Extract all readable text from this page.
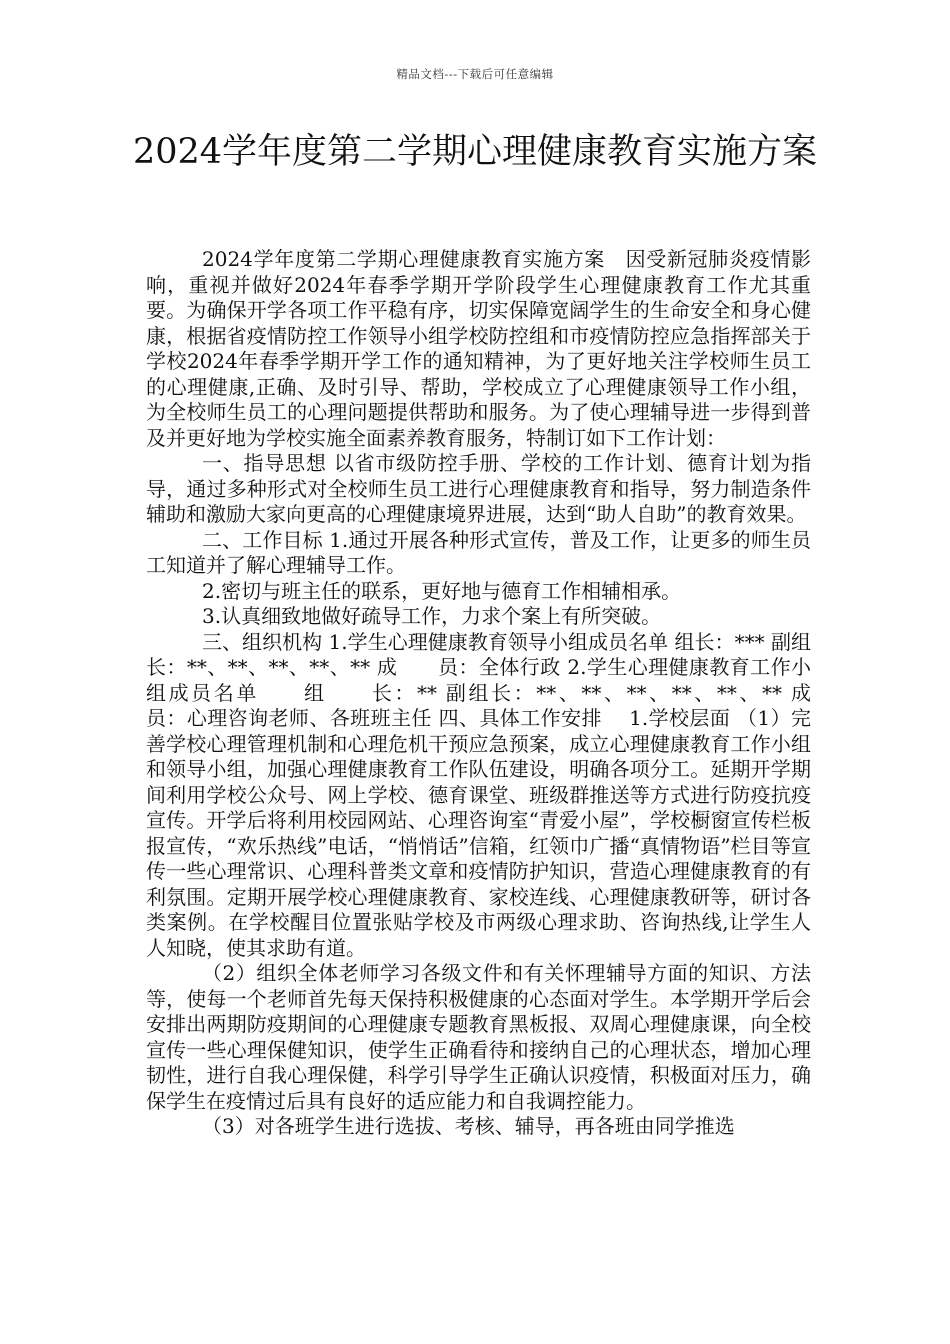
精品文档---下载后可任意编辑
2024学年度第二学期心理健康教育实施方案

2024学年度第二学期心理健康教育实施方案　因受新冠肺炎疫情影响，重视并做好2024年春季学期开学阶段学生心理健康教育工作尤其重要。为确保开学各项工作平稳有序，切实保障宽阔学生的生命安全和身心健康，根据省疫情防控工作领导小组学校防控组和市疫情防控应急指挥部关于学校2024年春季学期开学工作的通知精神，为了更好地关注学校师生员工的心理健康,正确、及时引导、帮助，学校成立了心理健康领导工作小组，为全校师生员工的心理问题提供帮助和服务。为了使心理辅导进一步得到普及并更好地为学校实施全面素养教育服务，特制订如下工作计划：

一、指导思想 以省市级防控手册、学校的工作计划、德育计划为指导，通过多种形式对全校师生员工进行心理健康教育和指导，努力制造条件辅助和激励大家向更高的心理健康境界进展，达到“助人自助”的教育效果。

二、工作目标 1.通过开展各种形式宣传，普及工作，让更多的师生员工知道并了解心理辅导工作。

2.密切与班主任的联系，更好地与德育工作相辅相承。

3.认真细致地做好疏导工作，力求个案上有所突破。

三、组织机构 1.学生心理健康教育领导小组成员名单 组长：*** 副组长：**、**、**、**、** 成　　员：全体行政 2.学生心理健康教育工作小组成员名单　　组　　长：** 副组长：**、**、**、**、**、** 成　　员：心理咨询老师、各班班主任 四、具体工作安排　 1.学校层面 （1）完善学校心理管理机制和心理危机干预应急预案，成立心理健康教育工作小组和领导小组，加强心理健康教育工作队伍建设，明确各项分工。延期开学期间利用学校公众号、网上学校、德育课堂、班级群推送等方式进行防疫抗疫宣传。开学后将利用校园网站、心理咨询室“青爱小屋”，学校橱窗宣传栏板报宣传，“欢乐热线”电话，“悄悄话”信箱，红领巾广播“真情物语”栏目等宣传一些心理常识、心理科普类文章和疫情防护知识，营造心理健康教育的有利氛围。定期开展学校心理健康教育、家校连线、心理健康教研等，研讨各类案例。在学校醒目位置张贴学校及市两级心理求助、咨询热线,让学生人人知晓，使其求助有道。

（2）组织全体老师学习各级文件和有关怀理辅导方面的知识、方法等，使每一个老师首先每天保持积极健康的心态面对学生。本学期开学后会安排出两期防疫期间的心理健康专题教育黑板报、双周心理健康课，向全校宣传一些心理保健知识，使学生正确看待和接纳自己的心理状态，增加心理韧性，进行自我心理保健，科学引导学生正确认识疫情，积极面对压力，确保学生在疫情过后具有良好的适应能力和自我调控能力。

（3）对各班学生进行选拔、考核、辅导，再各班由同学推选
